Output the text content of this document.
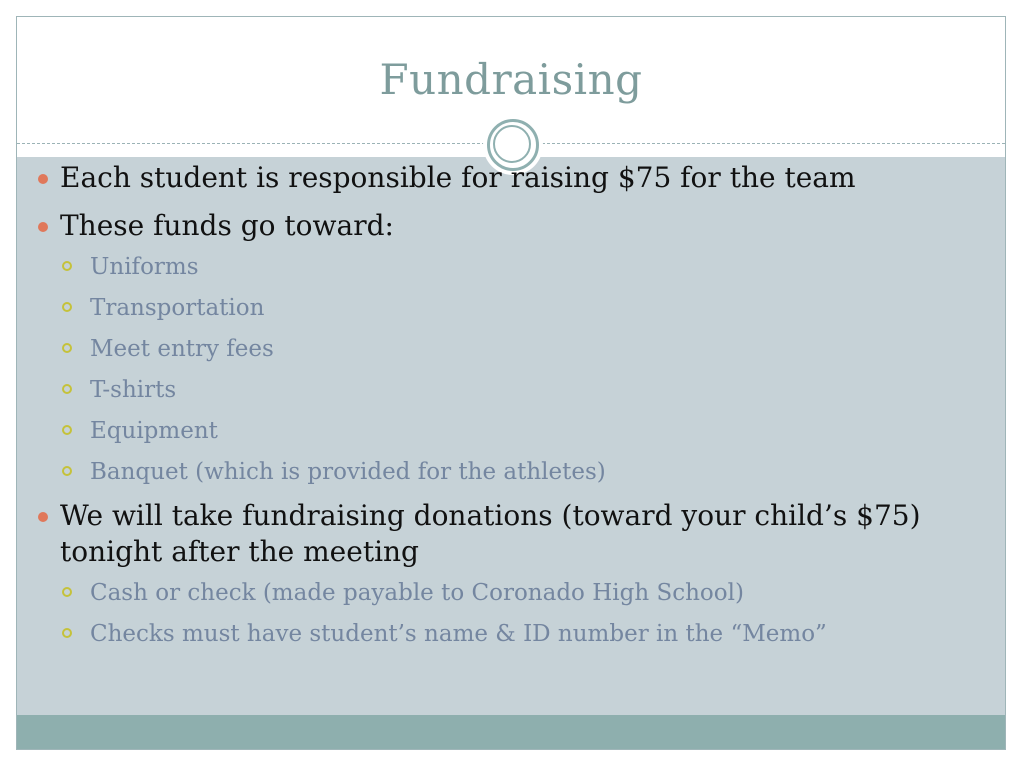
Fundraising
Each student is responsible for raising $75 for the team
These funds go toward:
Uniforms
Transportation
Meet entry fees
T-shirts
Equipment
Banquet (which is provided for the athletes)
We will take fundraising donations (toward your child’s $75) tonight after the meeting
Cash or check (made payable to Coronado High School)
Checks must have student’s name & ID number in the “Memo”
